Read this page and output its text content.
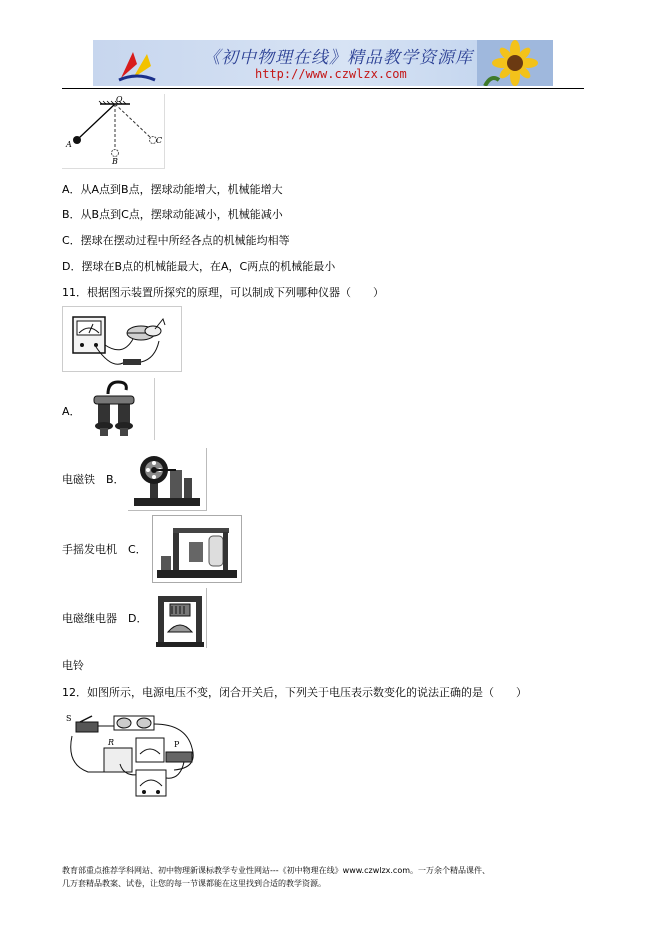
《初中物理在线》精品教学资源库
http://www.czwlzx.com
O
A
B
C
A．从A点到B点，摆球动能增大，机械能增大
B．从B点到C点，摆球动能减小，机械能减小
C．摆球在摆动过程中所经各点的机械能均相等
D．摆球在B点的机械能最大，在A，C两点的机械能最小
11．根据图示装置所探究的原理，可以制成下列哪种仪器（　　）
A．
电磁铁　B．
手摇发电机　C．
电磁继电器　D．
电铃
12．如图所示，电源电压不变，闭合开关后，下列关于电压表示数变化的说法正确的是（　　）
S
R	P
教育部重点推荐学科网站、初中物理新课标教学专业性网站---《初中物理在线》www.czwlzx.com。一万余个精品课件、
几万套精品教案、试卷，让您的每一节课都能在这里找到合适的教学资源。
